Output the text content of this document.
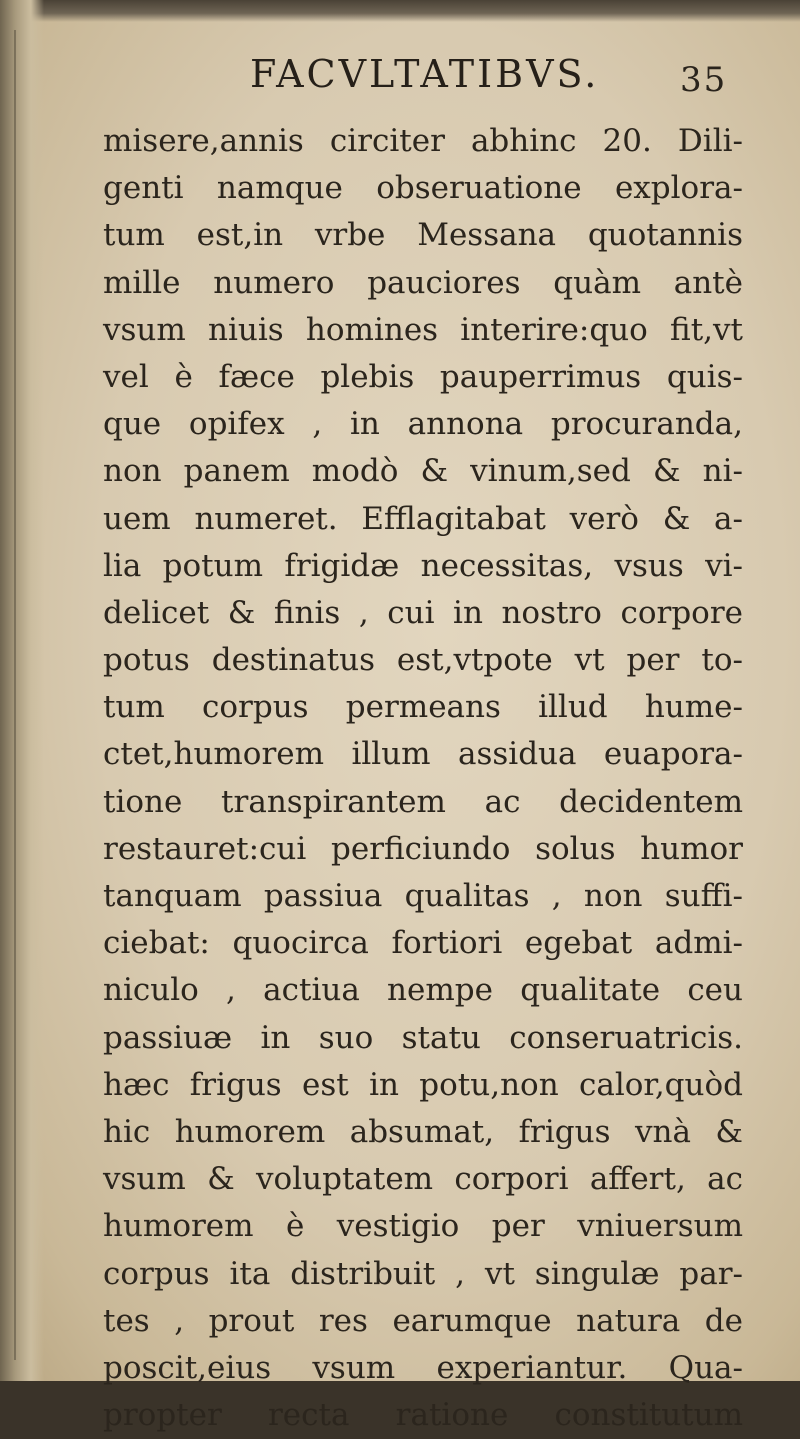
FACVLTATIBVS. 35
misere,annis circiter abhinc 20. Dili-
genti namque obseruatione explora-
tum est,in vrbe Messana quotannis
mille numero pauciores quàm antè
vsum niuis homines interire:quo fit,vt
vel è fæce plebis pauperrimus quis-
que opifex , in annona procuranda,
non panem modò & vinum,sed & ni-
uem numeret. Efflagitabat verò & a-
lia potum frigidæ necessitas, vsus vi-
delicet & finis , cui in nostro corpore
potus destinatus est,vtpote vt per to-
tum corpus permeans illud hume-
ctet,humorem illum assidua euapora-
tione transpirantem ac decidentem
restauret:cui perficiundo solus humor
tanquam passiua qualitas , non suffi-
ciebat: quocirca fortiori egebat admi-
niculo , actiua nempe qualitate ceu
passiuæ in suo statu conseruatricis.
hæc frigus est in potu,non calor,quòd
hic humorem absumat, frigus vnà &
vsum & voluptatem corpori affert, ac
humorem è vestigio per vniuersum
corpus ita distribuit , vt singulæ par-
tes , prout res earumque natura de
poscit,eius vsum experiantur. Qua-
propter recta ratione constitutum
